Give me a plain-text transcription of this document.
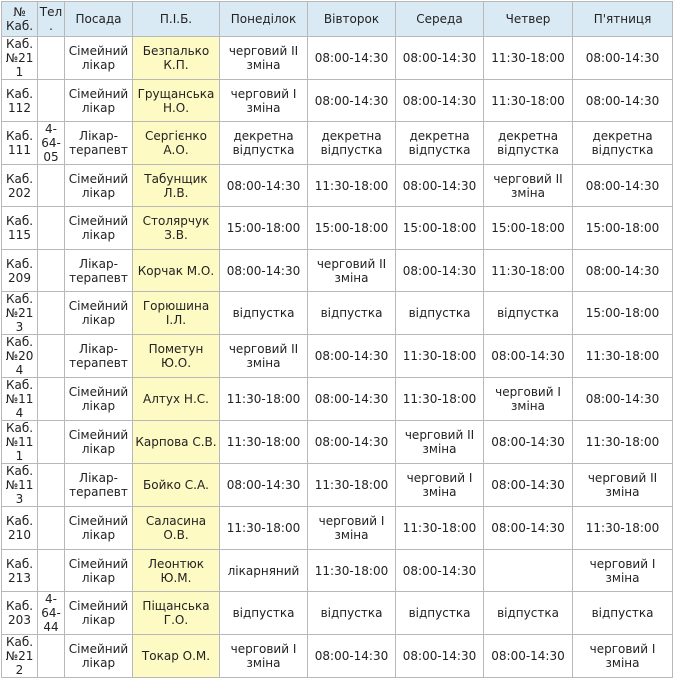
№ Каб.	Тел.	Посада	П.І.Б.	Понеділок	Вівторок	Середа	Четвер	П'ятниця
Каб. №211		Сімейний лікар	Безпалько К.П.	черговий ІІ зміна	08:00-14:30	08:00-14:30	11:30-18:00	08:00-14:30
Каб. 112		Сімейний лікар	Грущанська Н.О.	черговий І зміна	08:00-14:30	08:00-14:30	11:30-18:00	08:00-14:30
Каб. 111	4-64-05	Лікар-терапевт	Сергієнко А.О.	декретна відпустка	декретна відпустка	декретна відпустка	декретна відпустка	декретна відпустка
Каб. 202		Сімейний лікар	Табунщик Л.В.	08:00-14:30	11:30-18:00	08:00-14:30	черговий ІІ зміна	08:00-14:30
Каб. 115		Сімейний лікар	Столярчук З.В.	15:00-18:00	15:00-18:00	15:00-18:00	15:00-18:00	15:00-18:00
Каб. 209		Лікар-терапевт	Корчак М.О.	08:00-14:30	черговий ІІ зміна	08:00-14:30	11:30-18:00	08:00-14:30
Каб. №213		Сімейний лікар	Горюшина І.Л.	відпустка	відпустка	відпустка	відпустка	15:00-18:00
Каб. №204		Лікар-терапевт	Пометун Ю.О.	черговий ІІ зміна	08:00-14:30	11:30-18:00	08:00-14:30	11:30-18:00
Каб. №114		Сімейний лікар	Алтух Н.С.	11:30-18:00	08:00-14:30	11:30-18:00	черговий І зміна	08:00-14:30
Каб. №111		Сімейний лікар	Карпова С.В.	11:30-18:00	08:00-14:30	черговий ІІ зміна	08:00-14:30	11:30-18:00
Каб. №113		Лікар-терапевт	Бойко С.А.	08:00-14:30	11:30-18:00	черговий І зміна	08:00-14:30	черговий ІІ зміна
Каб. 210		Сімейний лікар	Саласина О.В.	11:30-18:00	черговий І зміна	11:30-18:00	08:00-14:30	11:30-18:00
Каб. 213		Сімейний лікар	Леонтюк Ю.М.	лікарняний	11:30-18:00	08:00-14:30		черговий І зміна
Каб. 203	4-64-44	Сімейний лікар	Піщанська Г.О.	відпустка	відпустка	відпустка	відпустка	відпустка
Каб. №212		Сімейний лікар	Токар О.М.	черговий І зміна	08:00-14:30	08:00-14:30	08:00-14:30	черговий І зміна
